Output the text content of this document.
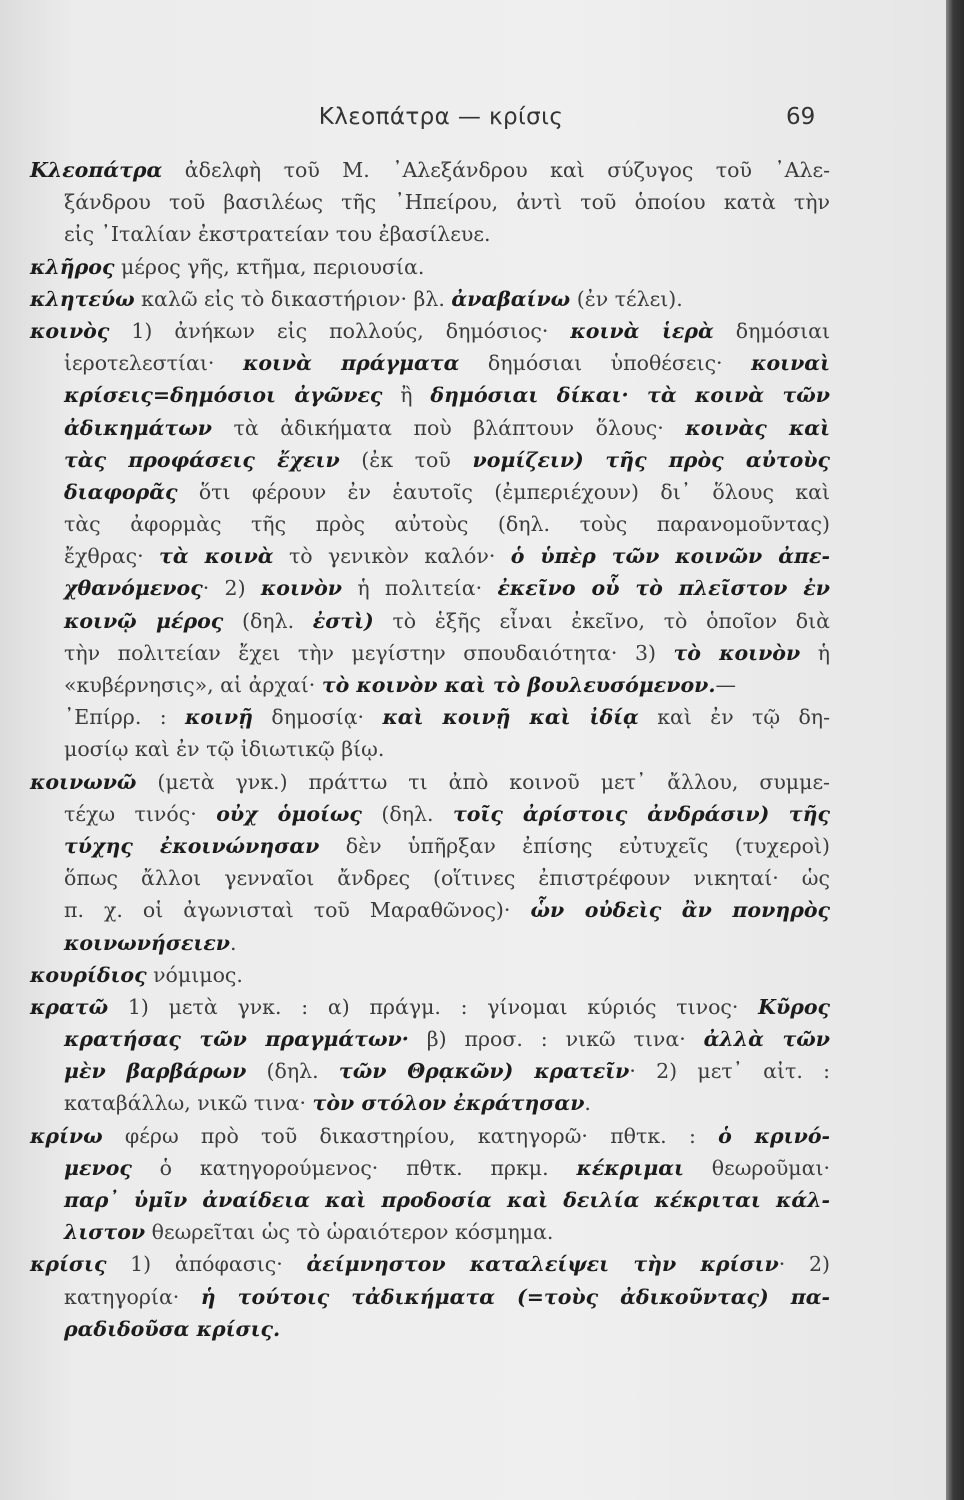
Κλεοπάτρα — κρίσις	69
Κλεοπάτρα ἀδελφὴ τοῦ Μ. ᾿Αλεξάνδρου καὶ σύζυγος τοῦ ᾿Αλε-
ξάνδρου τοῦ βασιλέως τῆς ᾿Ηπείρου, ἀντὶ τοῦ ὁποίου κατὰ τὴν
εἰς ᾿Ιταλίαν ἐκστρατείαν του ἐβασίλευε.
κλῆρος μέρος γῆς, κτῆμα, περιουσία.
κλητεύω καλῶ εἰς τὸ δικαστήριον· βλ. ἀναβαίνω (ἐν τέλει).
κοινὸς 1) ἀνήκων εἰς πολλούς, δημόσιος· κοινὰ ἱερὰ δημόσιαι
ἱεροτελεστίαι· κοινὰ πράγματα δημόσιαι ὑποθέσεις· κοιναὶ
κρίσεις=δημόσιοι ἀγῶνες ἢ δημόσιαι δίκαι· τὰ κοινὰ τῶν
ἀδικημάτων τὰ ἀδικήματα ποὺ βλάπτουν ὅλους· κοινὰς καὶ
τὰς προφάσεις ἔχειν (ἐκ τοῦ νομίζειν) τῆς πρὸς αὐτοὺς
διαφορᾶς ὅτι φέρουν ἐν ἑαυτοῖς (ἐμπεριέχουν) δι᾿ ὅλους καὶ
τὰς ἀφορμὰς τῆς πρὸς αὐτοὺς (δηλ. τοὺς παρανομοῦντας)
ἔχθρας· τὰ κοινὰ τὸ γενικὸν καλόν· ὁ ὑπὲρ τῶν κοινῶν ἀπε-
χθανόμενος· 2) κοινὸν ἡ πολιτεία· ἐκεῖνο οὗ τὸ πλεῖστον ἐν
κοινῷ μέρος (δηλ. ἐστὶ) τὸ ἑξῆς εἶναι ἐκεῖνο, τὸ ὁποῖον διὰ
τὴν πολιτείαν ἔχει τὴν μεγίστην σπουδαιότητα· 3) τὸ κοινὸν ἡ
«κυβέρνησις», αἱ ἀρχαί· τὸ κοινὸν καὶ τὸ βουλευσόμενον.—
᾿Επίρρ. : κοινῇ δημοσίᾳ· καὶ κοινῇ καὶ ἰδίᾳ καὶ ἐν τῷ δη-
μοσίῳ καὶ ἐν τῷ ἰδιωτικῷ βίῳ.
κοινωνῶ (μετὰ γνκ.) πράττω τι ἀπὸ κοινοῦ μετ᾿ ἄλλου, συμμε-
τέχω τινός· οὐχ ὁμοίως (δηλ. τοῖς ἀρίστοις ἀνδράσιν) τῆς
τύχης ἐκοινώνησαν δὲν ὑπῆρξαν ἐπίσης εὐτυχεῖς (τυχεροὶ)
ὅπως ἄλλοι γενναῖοι ἄνδρες (οἵτινες ἐπιστρέφουν νικηταί· ὡς
π. χ. οἱ ἀγωνισταὶ τοῦ Μαραθῶνος)· ὧν οὐδεὶς ἂν πονηρὸς
κοινωνήσειεν.
κουρίδιος νόμιμος.
κρατῶ 1) μετὰ γνκ. : α) πράγμ. : γίνομαι κύριός τινος· Κῦρος
κρατήσας τῶν πραγμάτων· β) προσ. : νικῶ τινα· ἀλλὰ τῶν
μὲν βαρβάρων (δηλ. τῶν Θρᾳκῶν) κρατεῖν· 2) μετ᾿ αἰτ. :
καταβάλλω, νικῶ τινα· τὸν στόλον ἐκράτησαν.
κρίνω φέρω πρὸ τοῦ δικαστηρίου, κατηγορῶ· πθτκ. : ὁ κρινό-
μενος ὁ κατηγορούμενος· πθτκ. πρκμ. κέκριμαι θεωροῦμαι·
παρ᾿ ὑμῖν ἀναίδεια καὶ προδοσία καὶ δειλία κέκριται κάλ-
λιστον θεωρεῖται ὡς τὸ ὡραιότερον κόσμημα.
κρίσις 1) ἀπόφασις· ἀείμνηστον καταλείψει τὴν κρίσιν· 2)
κατηγορία· ἡ τούτοις τἀδικήματα (=τοὺς ἀδικοῦντας) πα-
ραδιδοῦσα κρίσις.
